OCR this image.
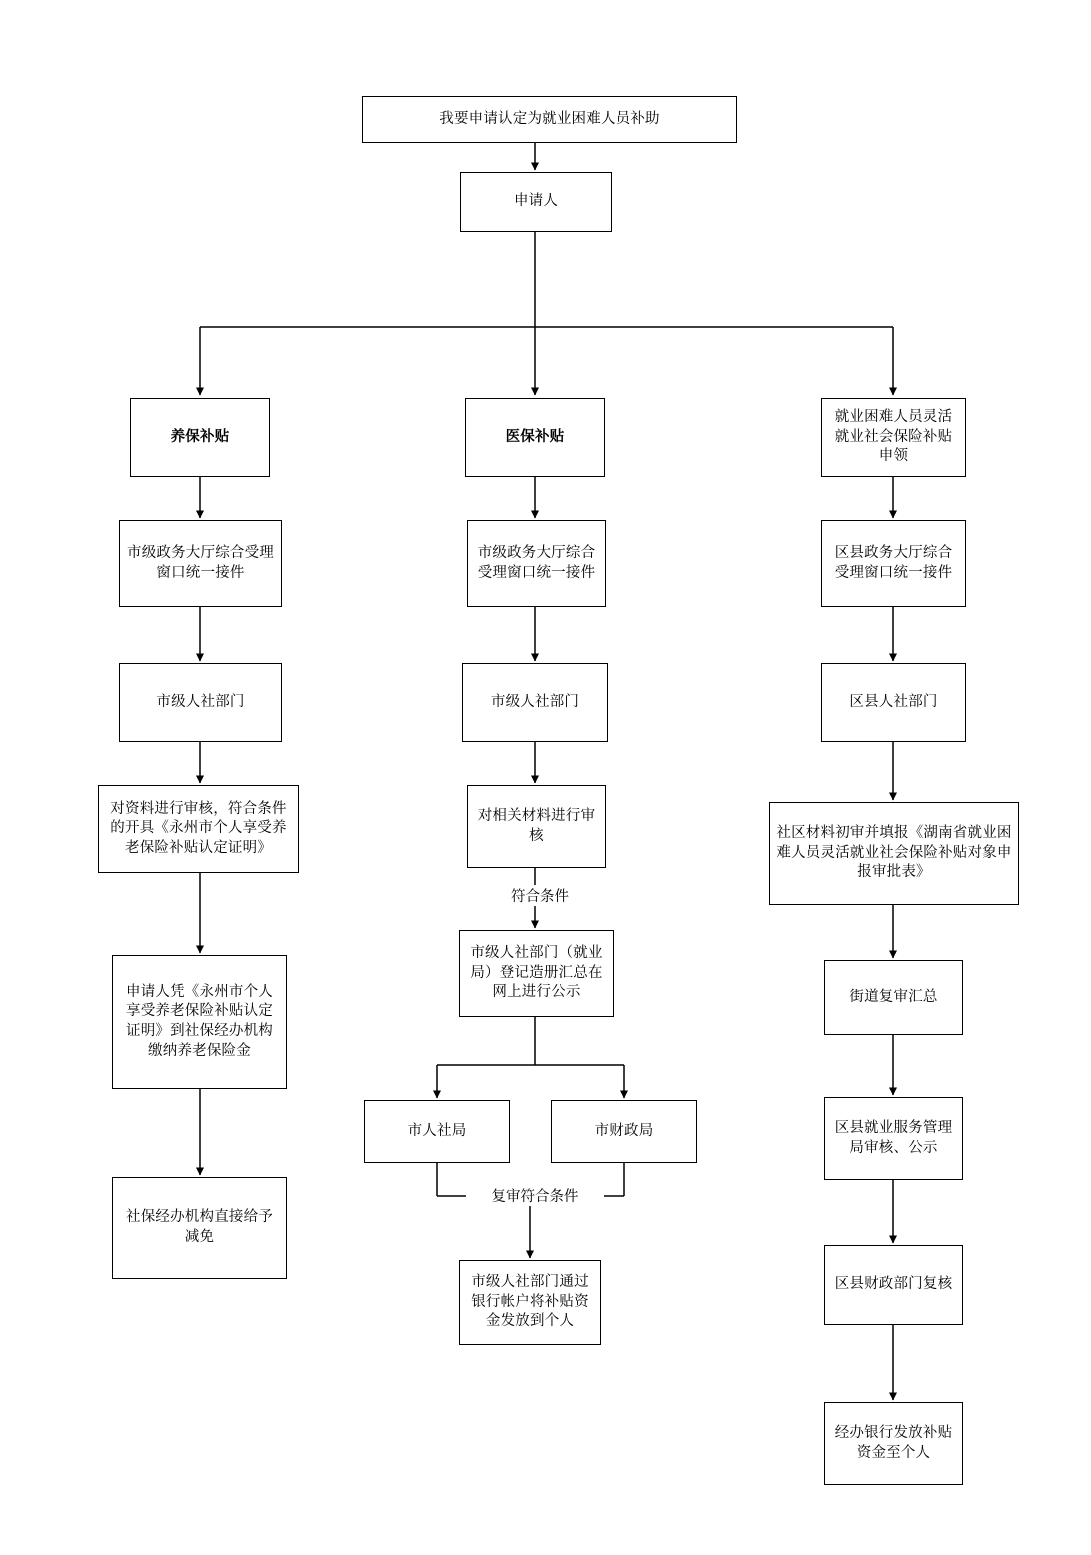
我要申请认定为就业困难人员补助
申请人
养保补贴
市级政务大厅综合受理窗口统一接件
市级人社部门
对资料进行审核，符合条件的开具《永州市个人享受养老保险补贴认定证明》
申请人凭《永州市个人享受养老保险补贴认定证明》到社保经办机构缴纳养老保险金
社保经办机构直接给予减免
医保补贴
市级政务大厅综合受理窗口统一接件
市级人社部门
对相关材料进行审核
符合条件
市级人社部门（就业局）登记造册汇总在网上进行公示
市人社局	市财政局
复审符合条件
市级人社部门通过银行帐户将补贴资金发放到个人
就业困难人员灵活就业社会保险补贴申领
区县政务大厅综合受理窗口统一接件
区县人社部门
社区材料初审并填报《湖南省就业困难人员灵活就业社会保险补贴对象申报审批表》
街道复审汇总
区县就业服务管理局审核、公示
区县财政部门复核
经办银行发放补贴资金至个人
